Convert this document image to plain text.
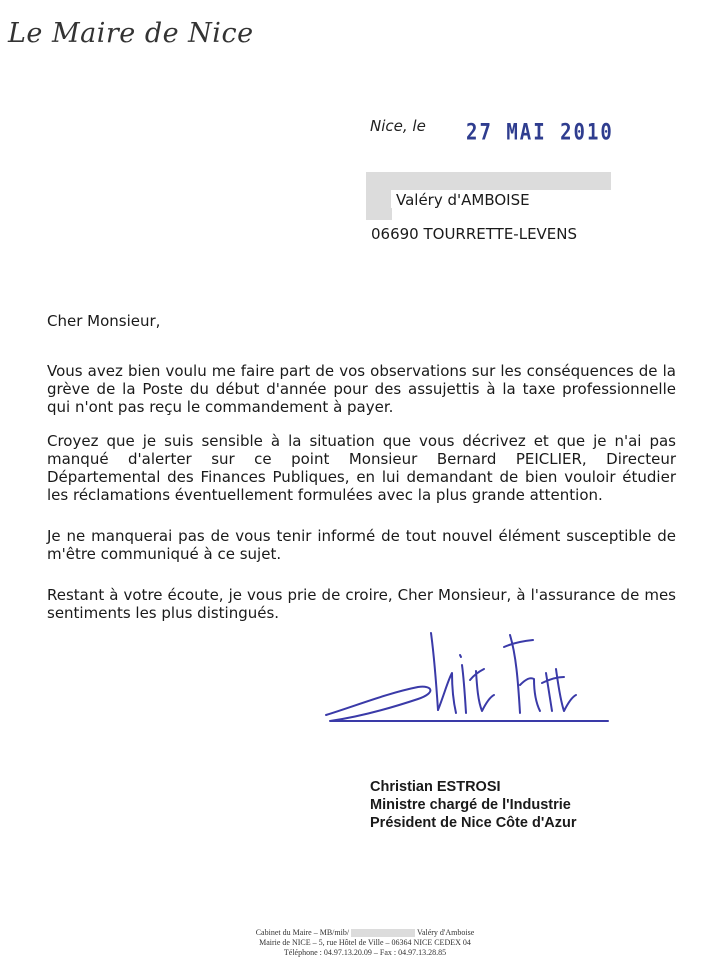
Le Maire de Nice
Nice, le 27 MAI 2010
Valéry d'AMBOISE
06690 TOURRETTE-LEVENS
Cher Monsieur,
Vous avez bien voulu me faire part de vos observations sur les conséquences de la grève de la Poste du début d'année pour des assujettis à la taxe professionnelle qui n'ont pas reçu le commandement à payer.
Croyez que je suis sensible à la situation que vous décrivez et que je n'ai pas manqué d'alerter sur ce point Monsieur Bernard PEICLIER, Directeur Départemental des Finances Publiques, en lui demandant de bien vouloir étudier les réclamations éventuellement formulées avec la plus grande attention.
Je ne manquerai pas de vous tenir informé de tout nouvel élément susceptible de m'être communiqué à ce sujet.
Restant à votre écoute, je vous prie de croire, Cher Monsieur, à l'assurance de mes sentiments les plus distingués.
Christian ESTROSI
Ministre chargé de l'Industrie
Président de Nice Côte d'Azur
Cabinet du Maire – MB/mib/	Valéry d'Amboise
Mairie de NICE – 5, rue Hôtel de Ville – 06364 NICE CEDEX 04
Téléphone : 04.97.13.20.09 – Fax : 04.97.13.28.85
